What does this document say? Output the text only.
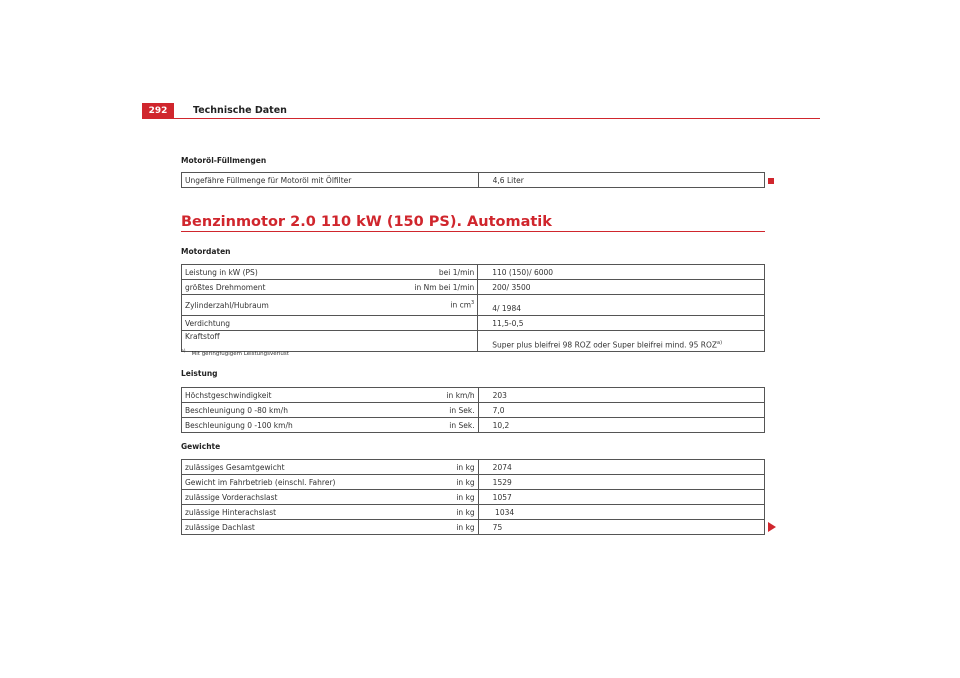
292	Technische Daten
Motoröl-Füllmengen
Ungefähre Füllmenge für Motoröl mit Ölfilter	4,6 Liter
Benzinmotor 2.0 110 kW (150 PS). Automatik
Motordaten
Leistung in kW (PS)	bei 1/min	110 (150)/ 6000
größtes Drehmoment	in Nm bei 1/min	200/ 3500
Zylinderzahl/Hubraum	in $cm^3$	4/ 1984
Verdichtung		11,5-0,5
Kraftstoff		Super plus bleifrei 98 ROZ oder Super bleifrei mind. 95 ROZ$^{a)}$
$^{a)}$ Mit geringfügigem Leistungsverlust
Leistung
Höchstgeschwindigkeit	in km/h	203
Beschleunigung 0 -80 km/h	in Sek.	7,0
Beschleunigung 0 -100 km/h	in Sek.	10,2
Gewichte
zulässiges Gesamtgewicht	in kg	2074
Gewicht im Fahrbetrieb (einschl. Fahrer)	in kg	1529
zulässige Vorderachslast	in kg	1057
zulässige Hinterachslast	in kg	1034
zulässige Dachlast	in kg	75
